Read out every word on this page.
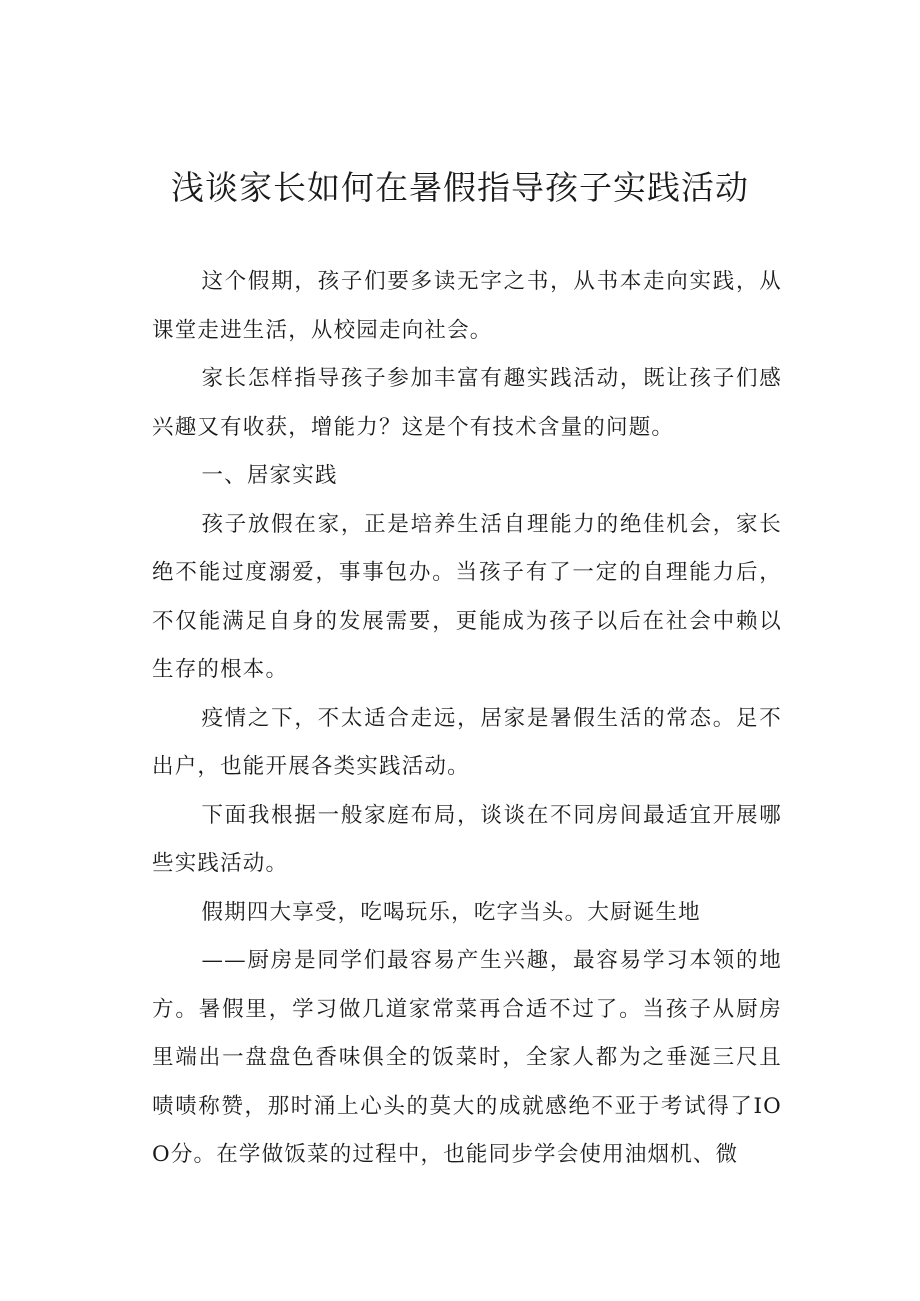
浅谈家长如何在暑假指导孩子实践活动

这个假期，孩子们要多读无字之书，从书本走向实践，从课堂走进生活，从校园走向社会。

家长怎样指导孩子参加丰富有趣实践活动，既让孩子们感兴趣又有收获，增能力？这是个有技术含量的问题。

一、居家实践

孩子放假在家，正是培养生活自理能力的绝佳机会，家长绝不能过度溺爱，事事包办。当孩子有了一定的自理能力后，不仅能满足自身的发展需要，更能成为孩子以后在社会中赖以生存的根本。

疫情之下，不太适合走远，居家是暑假生活的常态。足不出户，也能开展各类实践活动。

下面我根据一般家庭布局，谈谈在不同房间最适宜开展哪些实践活动。

假期四大享受，吃喝玩乐，吃字当头。大厨诞生地

——厨房是同学们最容易产生兴趣，最容易学习本领的地方。暑假里，学习做几道家常菜再合适不过了。当孩子从厨房里端出一盘盘色香味俱全的饭菜时，全家人都为之垂涎三尺且啧啧称赞，那时涌上心头的莫大的成就感绝不亚于考试得了IOO分。在学做饭菜的过程中，也能同步学会使用油烟机、微
